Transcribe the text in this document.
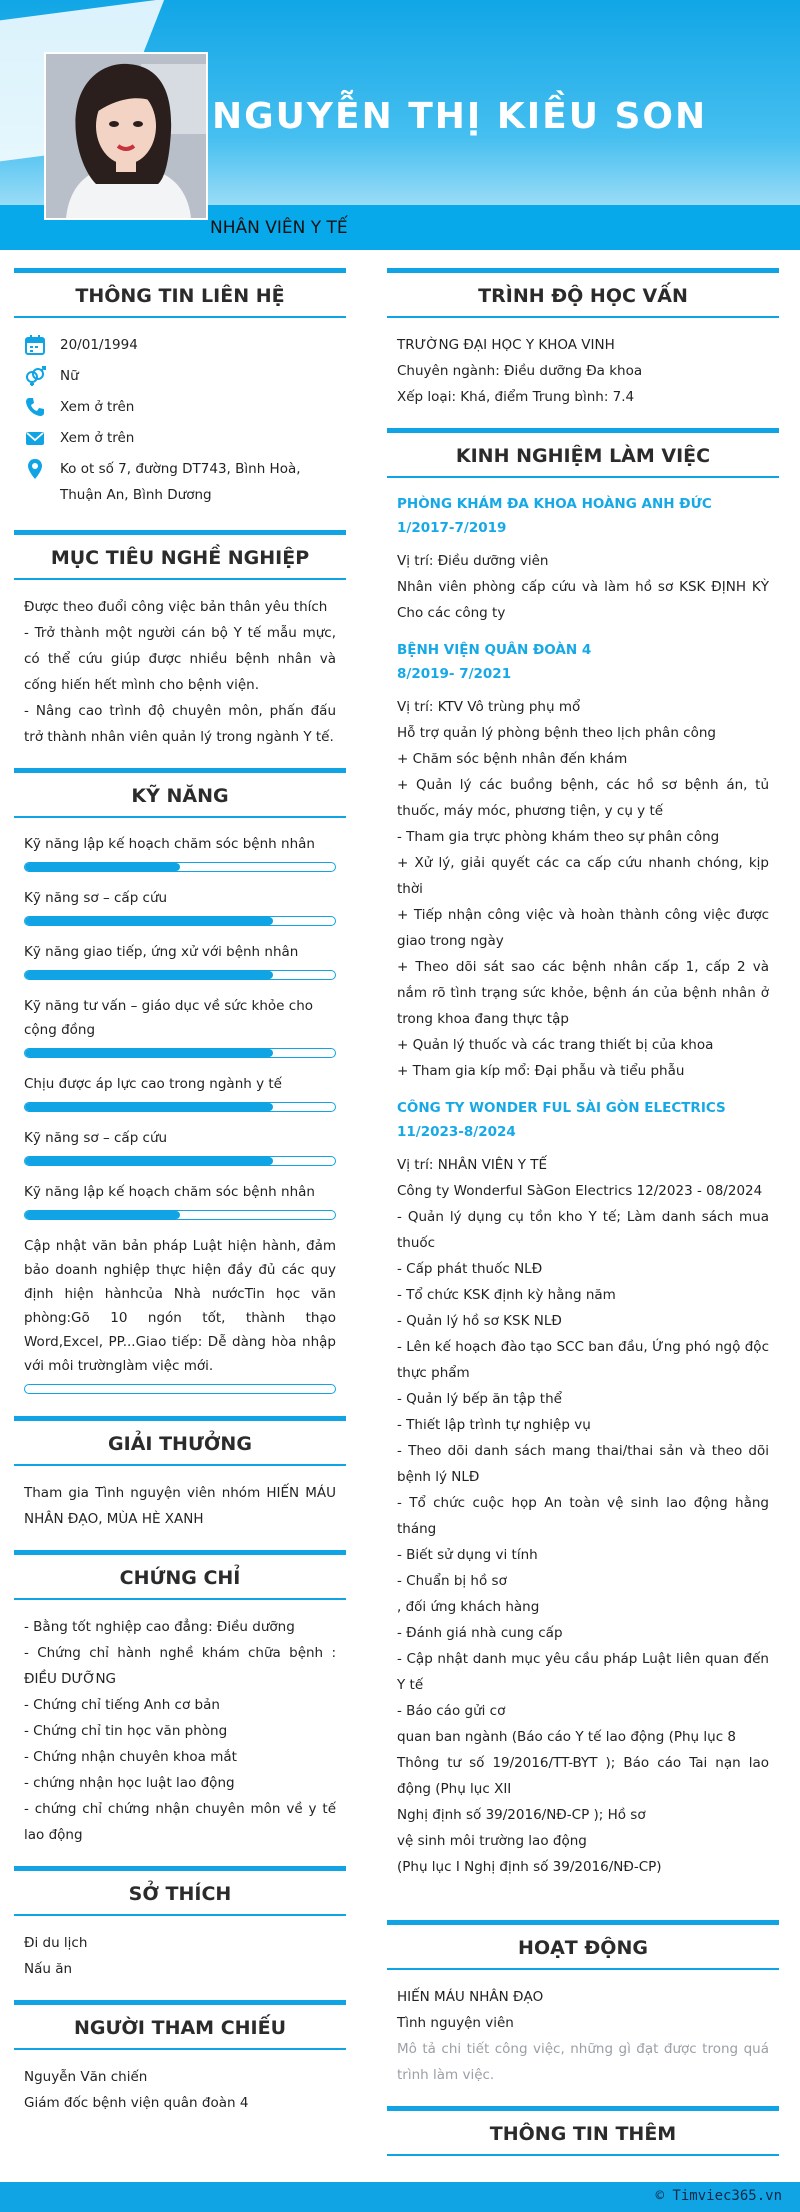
NGUYỄN THỊ KIỀU SON

NHÂN VIÊN Y TẾ

THÔNG TIN LIÊN HỆ
20/01/1994
Nữ
Xem ở trên
Xem ở trên
Ko ot số 7, đường DT743, Bình Hoà,
Thuận An, Bình Dương
MỤC TIÊU NGHỀ NGHIỆP

Được theo đuổi công việc bản thân yêu thích

- Trở thành một người cán bộ Y tế mẫu mực, có thể cứu giúp được nhiều bệnh nhân và cống hiến hết mình cho bệnh viện.

- Nâng cao trình độ chuyên môn, phấn đấu trở thành nhân viên quản lý trong ngành Y tế.

KỸ NĂNG
Kỹ năng lập kế hoạch chăm sóc bệnh nhân
Kỹ năng sơ – cấp cứu
Kỹ năng giao tiếp, ứng xử với bệnh nhân
Kỹ năng tư vấn – giáo dục về sức khỏe cho cộng đồng
Chịu được áp lực cao trong ngành y tế
Kỹ năng sơ – cấp cứu
Kỹ năng lập kế hoạch chăm sóc bệnh nhân
Cập nhật văn bản pháp Luật hiện hành, đảm bảo doanh nghiệp thực hiện đầy đủ các quy định hiện hànhcủa Nhà nướcTin học văn phòng:Gõ 10 ngón tốt, thành thạo Word,Excel, PP...Giao tiếp: Dễ dàng hòa nhập với môi trườnglàm việc mới.
GIẢI THƯỞNG
Tham gia Tình nguyện viên nhóm HIẾN MÁU NHÂN ĐẠO, MÙA HÈ XANH
CHỨNG CHỈ

- Bằng tốt nghiệp cao đẳng: Điều dưỡng

- Chứng chỉ hành nghề khám chữa bệnh : ĐIỀU DƯỠNG

- Chứng chỉ tiếng Anh cơ bản

- Chứng chỉ tin học văn phòng

- Chứng nhận chuyên khoa mắt

- chứng nhận học luật lao động

- chứng chỉ chứng nhận chuyên môn về y tế lao động

SỞ THÍCH

Đi du lịch

Nấu ăn

NGƯỜI THAM CHIẾU

Nguyễn Văn chiến

Giám đốc bệnh viện quân đoàn 4

TRÌNH ĐỘ HỌC VẤN

TRƯỜNG ĐẠI HỌC Y KHOA VINH

Chuyên ngành: Điều dưỡng Đa khoa

Xếp loại: Khá, điểm Trung bình: 7.4

KINH NGHIỆM LÀM VIỆC
PHÒNG KHÁM ĐA KHOA HOÀNG ANH ĐỨC
1/2017-7/2019

Vị trí: Điều dưỡng viên

Nhân viên phòng cấp cứu và làm hồ sơ KSK ĐỊNH KỲ Cho các công ty

BỆNH VIỆN QUÂN ĐOÀN 4
8/2019- 7/2021

Vị trí: KTV Vô trùng phụ mổ

Hỗ trợ quản lý phòng bệnh theo lịch phân công

+ Chăm sóc bệnh nhân đến khám

+ Quản lý các buồng bệnh, các hồ sơ bệnh án, tủ thuốc, máy móc, phương tiện, y cụ y tế

- Tham gia trực phòng khám theo sự phân công

+ Xử lý, giải quyết các ca cấp cứu nhanh chóng, kịp thời

+ Tiếp nhận công việc và hoàn thành công việc được giao trong ngày

+ Theo dõi sát sao các bệnh nhân cấp 1, cấp 2 và nắm rõ tình trạng sức khỏe, bệnh án của bệnh nhân ở trong khoa đang thực tập

+ Quản lý thuốc và các trang thiết bị của khoa

+ Tham gia kíp mổ: Đại phẫu và tiểu phẫu

CÔNG TY WONDER FUL SÀI GÒN ELECTRICS
11/2023-8/2024

Vị trí: NHÂN VIÊN Y TẾ

Công ty Wonderful SàGon Electrics 12/2023 - 08/2024

- Quản lý dụng cụ tồn kho Y tế; Làm danh sách mua thuốc

- Cấp phát thuốc NLĐ

- Tổ chức KSK định kỳ hằng năm

- Quản lý hồ sơ KSK NLĐ

- Lên kế hoạch đào tạo SCC ban đầu, Ứng phó ngộ độc thực phẩm

- Quản lý bếp ăn tập thể

- Thiết lập trình tự nghiệp vụ

- Theo dõi danh sách mang thai/thai sản và theo dõi bệnh lý NLĐ

- Tổ chức cuộc họp An toàn vệ sinh lao động hằng tháng

- Biết sử dụng vi tính

- Chuẩn bị hồ sơ

, đối ứng khách hàng

- Đánh giá nhà cung cấp

- Cập nhật danh mục yêu cầu pháp Luật liên quan đến Y tế

- Báo cáo gửi cơ

quan ban ngành (Báo cáo Y tế lao động (Phụ lục 8

Thông tư số 19/2016/TT-BYT ); Báo cáo Tai nạn lao động (Phụ lục XII

Nghị định số 39/2016/NĐ-CP ); Hồ sơ

vệ sinh môi trường lao động

(Phụ lục I Nghị định số 39/2016/NĐ-CP)

HOẠT ĐỘNG

HIẾN MÁU NHÂN ĐẠO

Tình nguyện viên

Mô tả chi tiết công việc, những gì đạt được trong quá trình làm việc.

THÔNG TIN THÊM
© Timviec365.vn
